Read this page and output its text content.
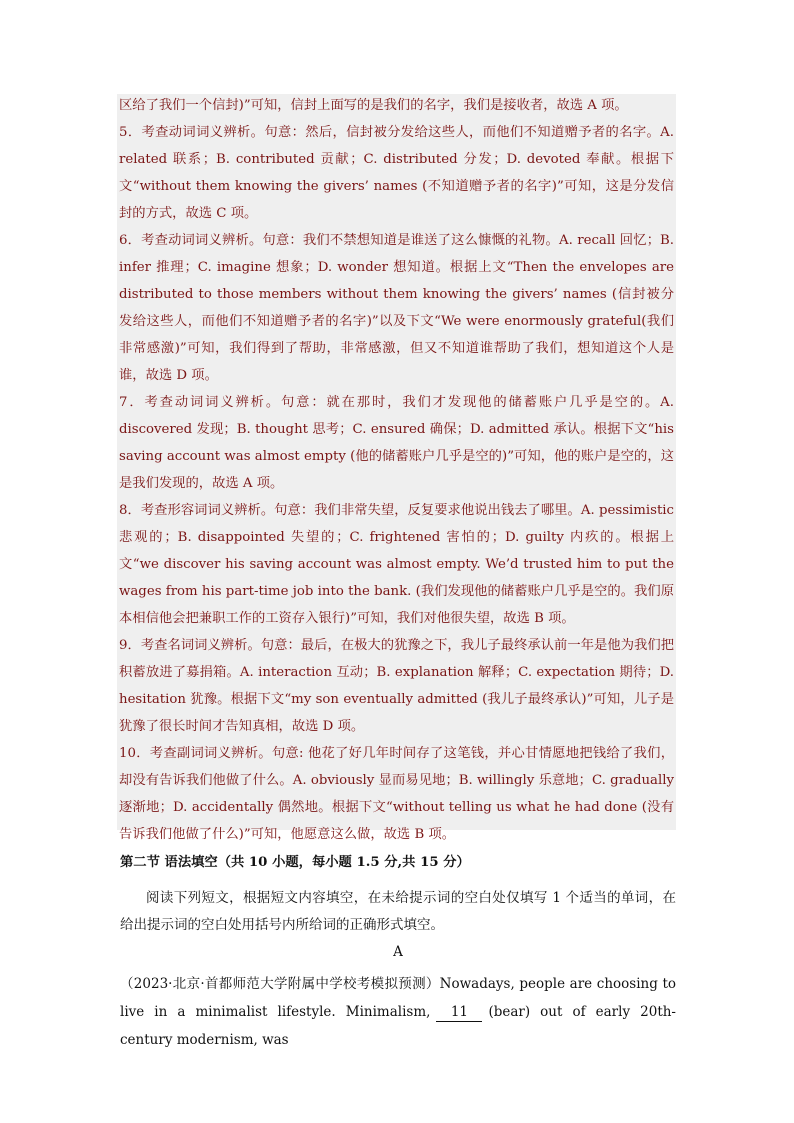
区给了我们一个信封)”可知，信封上面写的是我们的名字，我们是接收者，故选 A 项。

5．考查动词词义辨析。句意：然后，信封被分发给这些人，而他们不知道赠予者的名字。A. related 联系；B. contributed 贡献；C. distributed 分发；D. devoted 奉献。根据下文“without them knowing the givers’ names (不知道赠予者的名字)”可知，这是分发信封的方式，故选 C 项。

6．考查动词词义辨析。句意：我们不禁想知道是谁送了这么慷慨的礼物。A. recall 回忆；B. infer 推理；C. imagine 想象；D. wonder 想知道。根据上文“Then the envelopes are distributed to those members without them knowing the givers’ names (信封被分发给这些人，而他们不知道赠予者的名字)”以及下文“We were enormously grateful(我们非常感激)”可知，我们得到了帮助，非常感激，但又不知道谁帮助了我们，想知道这个人是谁，故选 D 项。

7．考查动词词义辨析。句意：就在那时，我们才发现他的储蓄账户几乎是空的。A. discovered 发现；B. thought 思考；C. ensured 确保；D. admitted 承认。根据下文“his saving account was almost empty (他的储蓄账户几乎是空的)”可知，他的账户是空的，这是我们发现的，故选 A 项。

8．考查形容词词义辨析。句意：我们非常失望，反复要求他说出钱去了哪里。A. pessimistic 悲观的；B. disappointed 失望的；C. frightened 害怕的；D. guilty 内疚的。根据上文“we discover his saving account was almost empty. We’d trusted him to put the wages from his part-time job into the bank. (我们发现他的储蓄账户几乎是空的。我们原本相信他会把兼职工作的工资存入银行)”可知，我们对他很失望，故选 B 项。

9．考查名词词义辨析。句意：最后，在极大的犹豫之下，我儿子最终承认前一年是他为我们把积蓄放进了募捐箱。A. interaction 互动；B. explanation 解释；C. expectation 期待；D. hesitation 犹豫。根据下文“my son eventually admitted (我儿子最终承认)”可知，儿子是犹豫了很长时间才告知真相，故选 D 项。

10．考查副词词义辨析。句意: 他花了好几年时间存了这笔钱，并心甘情愿地把钱给了我们，却没有告诉我们他做了什么。A. obviously 显而易见地；B. willingly 乐意地；C. gradually 逐渐地；D. accidentally 偶然地。根据下文“without telling us what he had done (没有告诉我们他做了什么)”可知，他愿意这么做，故选 B 项。

第二节 语法填空（共 10 小题，每小题 1.5 分,共 15 分）
阅读下列短文，根据短文内容填空，在未给提示词的空白处仅填写 1 个适当的单词，在给出提示词的空白处用括号内所给词的正确形式填空。
A
（2023·北京·首都师范大学附属中学校考模拟预测）Nowadays, people are choosing to live in a minimalist lifestyle. Minimalism, 11 (bear) out of early 20th-century modernism, was
